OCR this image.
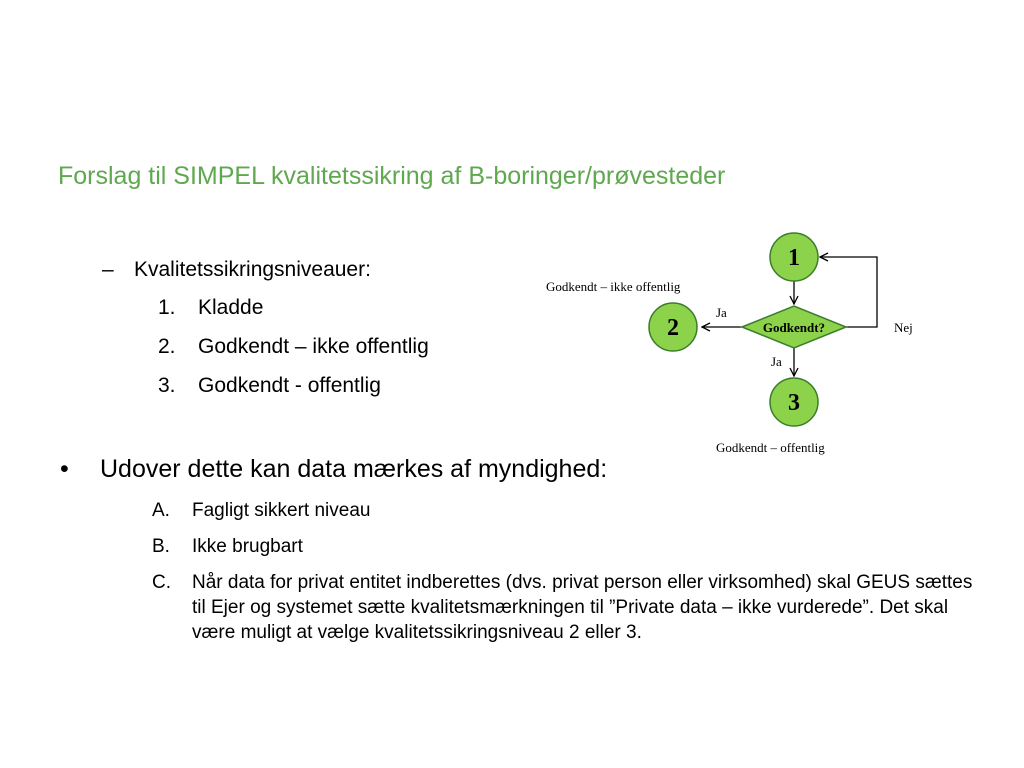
Forslag til SIMPEL kvalitetssikring af B-boringer/prøvesteder
– Kvalitetssikringsniveauer:
1. Kladde
2. Godkendt – ikke offentlig
3. Godkendt - offentlig
• Udover dette kan data mærkes af myndighed:
A.	Fagligt sikkert niveau
B.	Ikke brugbart
C.	Når data for privat entitet indberettes (dvs. privat person eller virksomhed) skal GEUS sættes til Ejer og systemet sætte kvalitetsmærkningen til ”Private data – ikke vurderede”. Det skal være muligt at vælge kvalitetssikringsniveau 2 eller 3.
1
2
3
Godkendt?
Ja
Ja
Nej
Godkendt – ikke offentlig
Godkendt – offentlig
